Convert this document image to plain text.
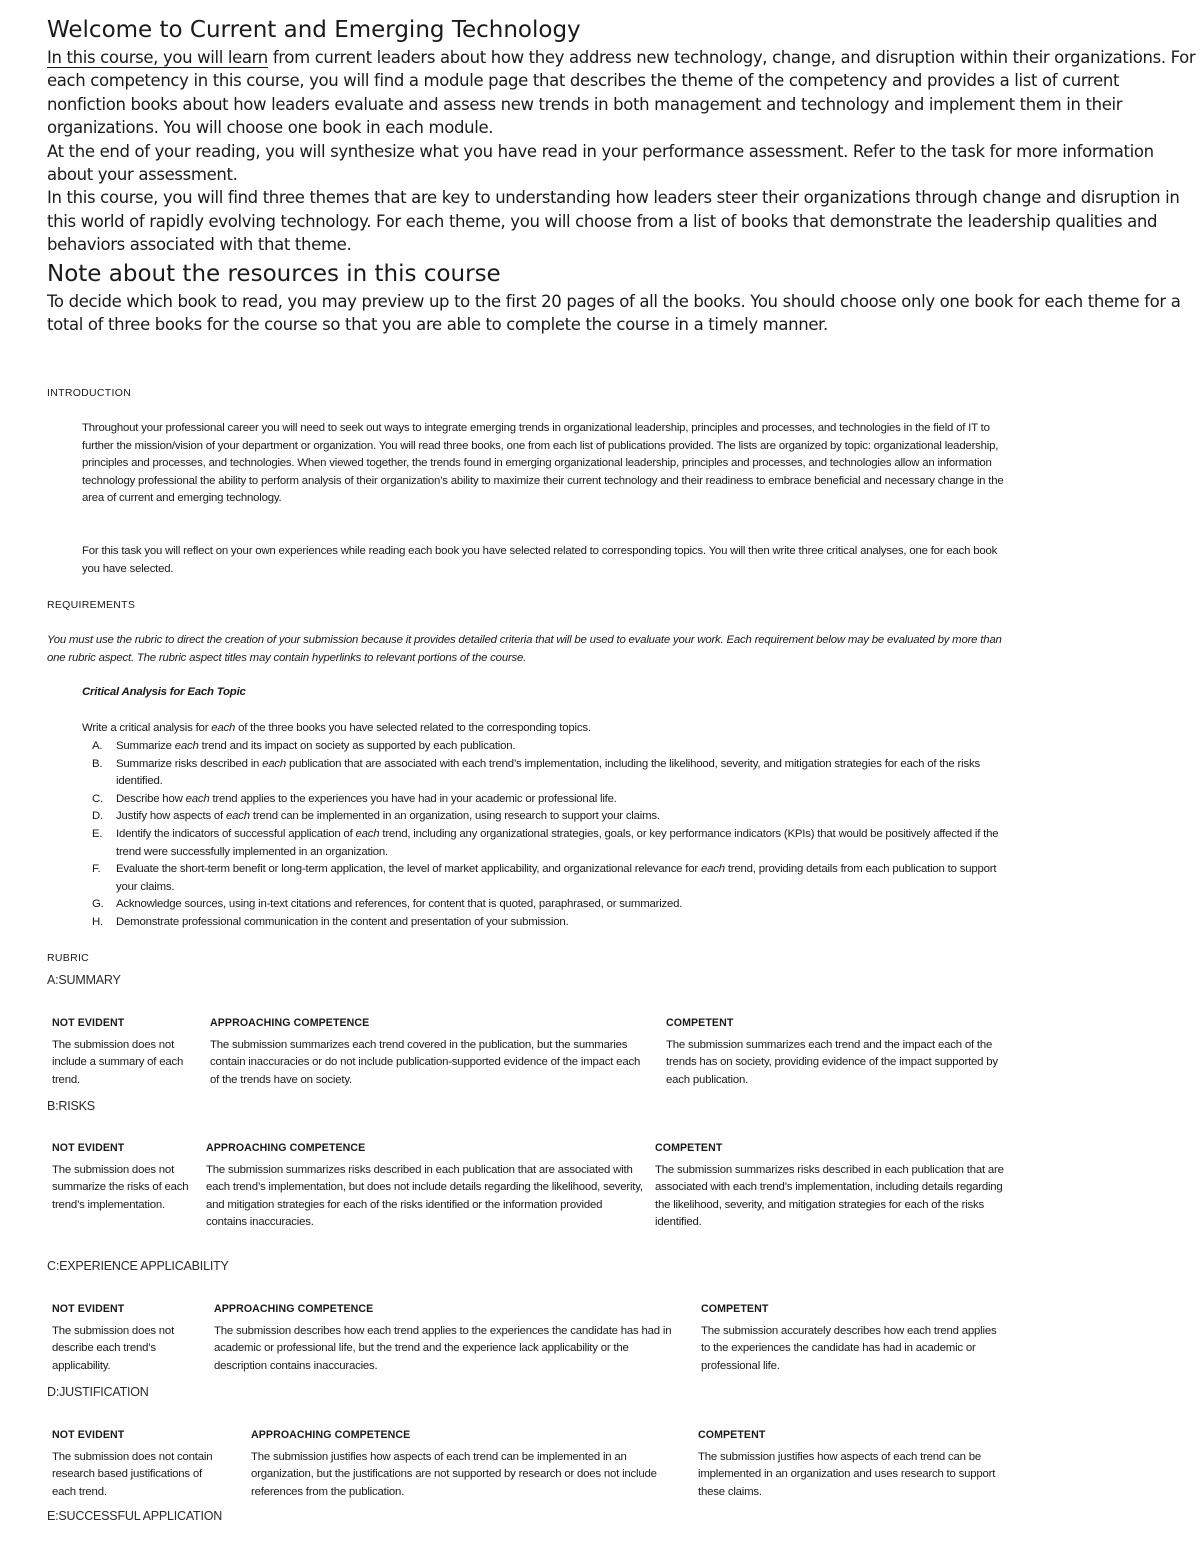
Welcome to Current and Emerging Technology

In this course, you will learn from current leaders about how they address new technology, change, and disruption within their organizations. For each competency in this course, you will find a module page that describes the theme of the competency and provides a list of current nonfiction books about how leaders evaluate and assess new trends in both management and technology and implement them in their organizations. You will choose one book in each module.

At the end of your reading, you will synthesize what you have read in your performance assessment. Refer to the task for more information about your assessment.

In this course, you will find three themes that are key to understanding how leaders steer their organizations through change and disruption in this world of rapidly evolving technology. For each theme, you will choose from a list of books that demonstrate the leadership qualities and behaviors associated with that theme.

Note about the resources in this course

To decide which book to read, you may preview up to the first 20 pages of all the books. You should choose only one book for each theme for a total of three books for the course so that you are able to complete the course in a timely manner.

INTRODUCTION

Throughout your professional career you will need to seek out ways to integrate emerging trends in organizational leadership, principles and processes, and technologies in the field of IT to further the mission/vision of your department or organization. You will read three books, one from each list of publications provided. The lists are organized by topic: organizational leadership, principles and processes, and technologies. When viewed together, the trends found in emerging organizational leadership, principles and processes, and technologies allow an information technology professional the ability to perform analysis of their organization’s ability to maximize their current technology and their readiness to embrace beneficial and necessary change in the area of current and emerging technology.

For this task you will reflect on your own experiences while reading each book you have selected related to corresponding topics. You will then write three critical analyses, one for each book you have selected.

REQUIREMENTS

You must use the rubric to direct the creation of your submission because it provides detailed criteria that will be used to evaluate your work. Each requirement below may be evaluated by more than one rubric aspect. The rubric aspect titles may contain hyperlinks to relevant portions of the course.

Critical Analysis for Each Topic

Write a critical analysis for each of the three books you have selected related to the corresponding topics.

A. Summarize each trend and its impact on society as supported by each publication.
B. Summarize risks described in each publication that are associated with each trend’s implementation, including the likelihood, severity, and mitigation strategies for each of the risks identified.
C. Describe how each trend applies to the experiences you have had in your academic or professional life.
D. Justify how aspects of each trend can be implemented in an organization, using research to support your claims.
E. Identify the indicators of successful application of each trend, including any organizational strategies, goals, or key performance indicators (KPIs) that would be positively affected if the trend were successfully implemented in an organization.
F. Evaluate the short-term benefit or long-term application, the level of market applicability, and organizational relevance for each trend, providing details from each publication to support your claims.
G. Acknowledge sources, using in-text citations and references, for content that is quoted, paraphrased, or summarized.
H. Demonstrate professional communication in the content and presentation of your submission.

RUBRIC

A:SUMMARY
NOT EVIDENT
The submission does not include a summary of each trend.
APPROACHING COMPETENCE
The submission summarizes each trend covered in the publication, but the summaries contain inaccuracies or do not include publication-supported evidence of the impact each of the trends have on society.
COMPETENT
The submission summarizes each trend and the impact each of the trends has on society, providing evidence of the impact supported by each publication.
B:RISKS
NOT EVIDENT
The submission does not summarize the risks of each trend’s implementation.
APPROACHING COMPETENCE
The submission summarizes risks described in each publication that are associated with each trend’s implementation, but does not include details regarding the likelihood, severity, and mitigation strategies for each of the risks identified or the information provided contains inaccuracies.
COMPETENT
The submission summarizes risks described in each publication that are associated with each trend’s implementation, including details regarding the likelihood, severity, and mitigation strategies for each of the risks identified.
C:EXPERIENCE APPLICABILITY
NOT EVIDENT
The submission does not describe each trend’s applicability.
APPROACHING COMPETENCE
The submission describes how each trend applies to the experiences the candidate has had in academic or professional life, but the trend and the experience lack applicability or the description contains inaccuracies.
COMPETENT
The submission accurately describes how each trend applies to the experiences the candidate has had in academic or professional life.
D:JUSTIFICATION
NOT EVIDENT
The submission does not contain research based justifications of each trend.
APPROACHING COMPETENCE
The submission justifies how aspects of each trend can be implemented in an organization, but the justifications are not supported by research or does not include references from the publication.
COMPETENT
The submission justifies how aspects of each trend can be implemented in an organization and uses research to support these claims.
E:SUCCESSFUL APPLICATION
